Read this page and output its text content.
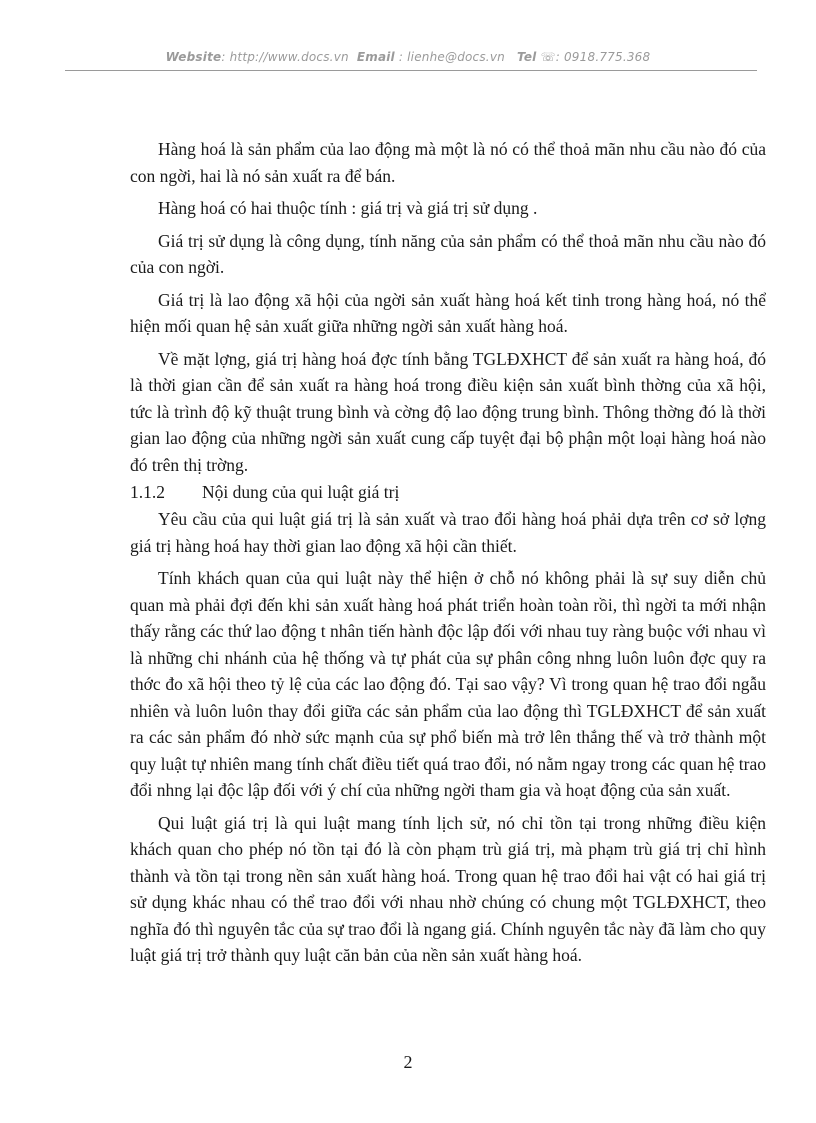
Website: http://www.docs.vn Email : lienhe@docs.vn Tel ☏: 0918.775.368

Hàng hoá là sản phẩm của lao động mà một là nó có thể thoả mãn nhu cầu nào đó của con ngời, hai là nó sản xuất ra để bán.

Hàng hoá có hai thuộc tính : giá trị và giá trị sử dụng .

Giá trị sử dụng là công dụng, tính năng của sản phẩm có thể thoả mãn nhu cầu nào đó của con ngời.

Giá trị là lao động xã hội của ngời sản xuất hàng hoá kết tinh trong hàng hoá, nó thể hiện mối quan hệ sản xuất giữa những ngời sản xuất hàng hoá.

Về mặt lợng, giá trị hàng hoá đợc tính bằng TGLĐXHCT để sản xuất ra hàng hoá, đó là thời gian cần để sản xuất ra hàng hoá trong điều kiện sản xuất bình thờng của xã hội, tức là trình độ kỹ thuật trung bình và cờng độ lao động trung bình. Thông thờng đó là thời gian lao động của những ngời sản xuất cung cấp tuyệt đại bộ phận một loại hàng hoá nào đó trên thị trờng.

1.1.2 Nội dung của qui luật giá trị

Yêu cầu của qui luật giá trị là sản xuất và trao đổi hàng hoá phải dựa trên cơ sở lợng giá trị hàng hoá hay thời gian lao động xã hội cần thiết.

Tính khách quan của qui luật này thể hiện ở chỗ nó không phải là sự suy diễn chủ quan mà phải đợi đến khi sản xuất hàng hoá phát triển hoàn toàn rồi, thì ngời ta mới nhận thấy rằng các thứ lao động t nhân tiến hành độc lập đối với nhau tuy ràng buộc với nhau vì là những chi nhánh của hệ thống và tự phát của sự phân công nhng luôn luôn đợc quy ra thớc đo xã hội theo tỷ lệ của các lao động đó. Tại sao vậy? Vì trong quan hệ trao đổi ngẫu nhiên và luôn luôn thay đổi giữa các sản phẩm của lao động thì TGLĐXHCT để sản xuất ra các sản phẩm đó nhờ sức mạnh của sự phổ biến mà trở lên thắng thế và trở thành một quy luật tự nhiên mang tính chất điều tiết quá trao đổi, nó nằm ngay trong các quan hệ trao đổi nhng lại độc lập đối với ý chí của những ngời tham gia và hoạt động của sản xuất.

Qui luật giá trị là qui luật mang tính lịch sử, nó chỉ tồn tại trong những điều kiện khách quan cho phép nó tồn tại đó là còn phạm trù giá trị, mà phạm trù giá trị chỉ hình thành và tồn tại trong nền sản xuất hàng hoá. Trong quan hệ trao đổi hai vật có hai giá trị sử dụng khác nhau có thể trao đổi với nhau nhờ chúng có chung một TGLĐXHCT, theo nghĩa đó thì nguyên tắc của sự trao đổi là ngang giá. Chính nguyên tắc này đã làm cho quy luật giá trị trở thành quy luật căn bản của nền sản xuất hàng hoá.

2
